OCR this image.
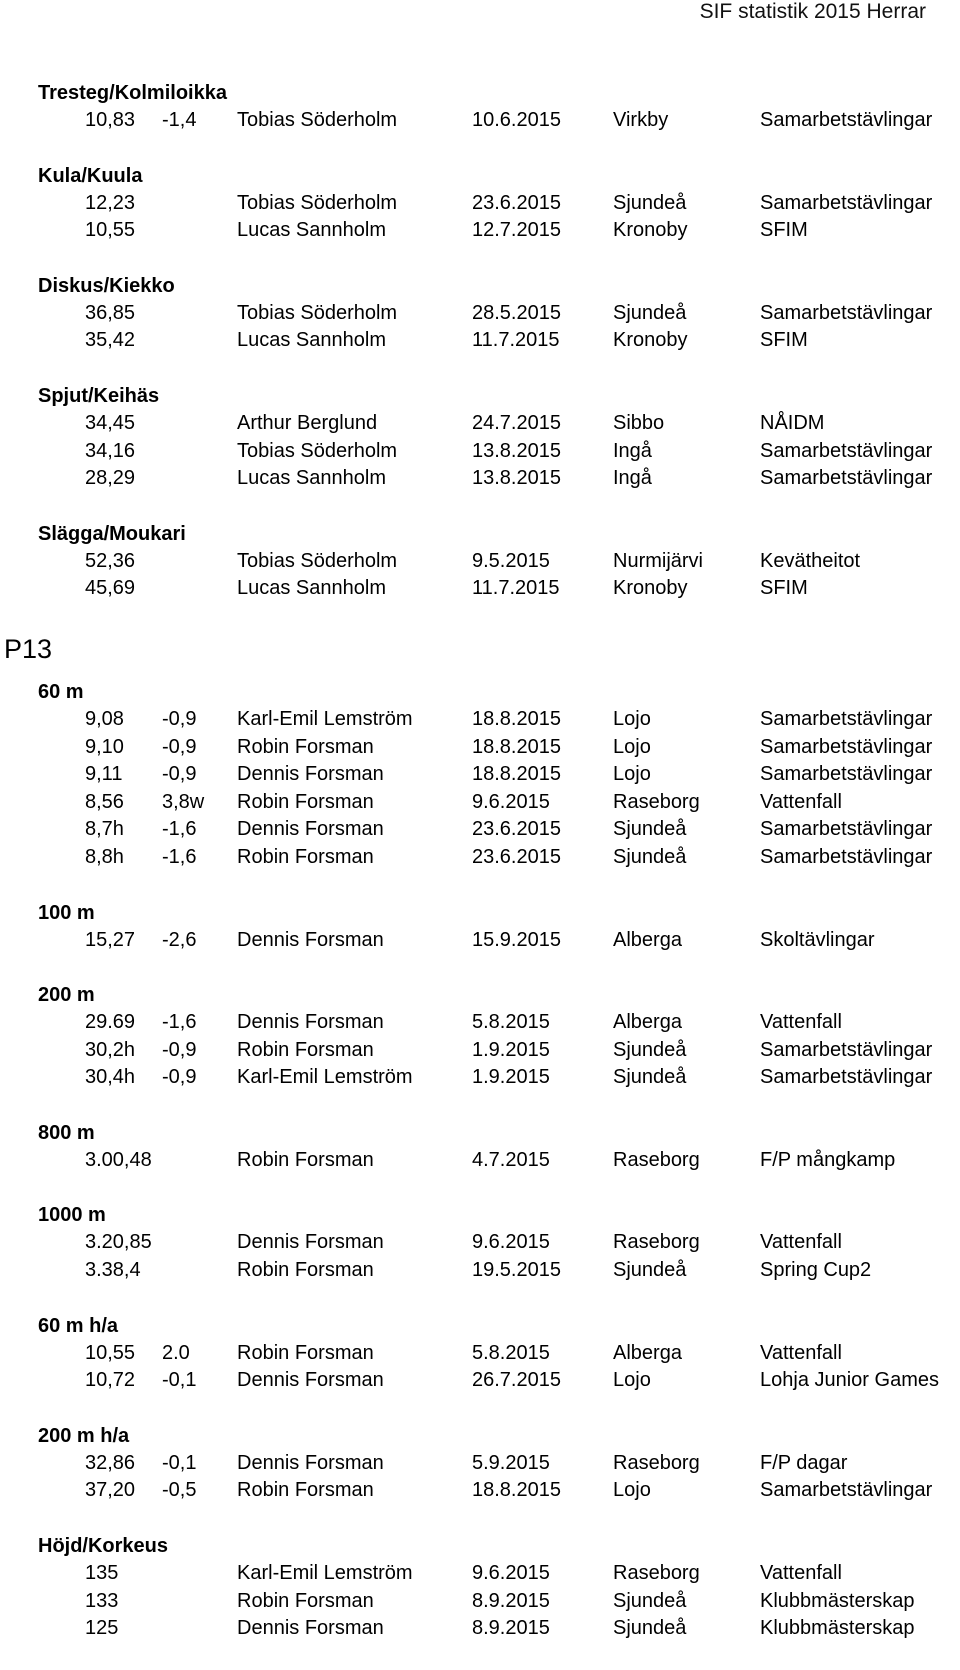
SIF statistik 2015 Herrar
Tresteg/Kolmiloikka
10,83 -1,4 Tobias Söderholm	10.6.2015	Virkby	Samarbetstävlingar
Kula/Kuula
12,23	Tobias Söderholm	23.6.2015	Sjundeå	Samarbetstävlingar
10,55	Lucas Sannholm	12.7.2015	Kronoby	SFIM
Diskus/Kiekko
36,85	Tobias Söderholm	28.5.2015	Sjundeå	Samarbetstävlingar
35,42	Lucas Sannholm	11.7.2015	Kronoby	SFIM
Spjut/Keihäs
34,45	Arthur Berglund	24.7.2015	Sibbo	NÅIDM
34,16	Tobias Söderholm	13.8.2015	Ingå	Samarbetstävlingar
28,29	Lucas Sannholm	13.8.2015	Ingå	Samarbetstävlingar
Slägga/Moukari
52,36	Tobias Söderholm	9.5.2015	Nurmijärvi	Kevätheitot
45,69	Lucas Sannholm	11.7.2015	Kronoby	SFIM
P13
60 m
9,08 -0,9 Karl-Emil Lemström	18.8.2015	Lojo	Samarbetstävlingar
9,10 -0,9 Robin Forsman	18.8.2015	Lojo	Samarbetstävlingar
9,11 -0,9 Dennis Forsman	18.8.2015	Lojo	Samarbetstävlingar
8,56 3,8w Robin Forsman	9.6.2015	Raseborg	Vattenfall
8,7h -1,6 Dennis Forsman	23.6.2015	Sjundeå	Samarbetstävlingar
8,8h -1,6 Robin Forsman	23.6.2015	Sjundeå	Samarbetstävlingar
100 m
15,27 -2,6 Dennis Forsman	15.9.2015	Alberga	Skoltävlingar
200 m
29.69 -1,6 Dennis Forsman	5.8.2015	Alberga	Vattenfall
30,2h -0,9 Robin Forsman	1.9.2015	Sjundeå	Samarbetstävlingar
30,4h -0,9 Karl-Emil Lemström	1.9.2015	Sjundeå	Samarbetstävlingar
800 m
3.00,48	Robin Forsman	4.7.2015	Raseborg	F/P mångkamp
1000 m
3.20,85	Dennis Forsman	9.6.2015	Raseborg	Vattenfall
3.38,4	Robin Forsman	19.5.2015	Sjundeå	Spring Cup2
60 m h/a
10,55 2.0 Robin Forsman	5.8.2015	Alberga	Vattenfall
10,72 -0,1 Dennis Forsman	26.7.2015	Lojo	Lohja Junior Games
200 m h/a
32,86 -0,1 Dennis Forsman	5.9.2015	Raseborg	F/P dagar
37,20 -0,5 Robin Forsman	18.8.2015	Lojo	Samarbetstävlingar
Höjd/Korkeus
135	Karl-Emil Lemström	9.6.2015	Raseborg	Vattenfall
133	Robin Forsman	8.9.2015	Sjundeå	Klubbmästerskap
125	Dennis Forsman	8.9.2015	Sjundeå	Klubbmästerskap
